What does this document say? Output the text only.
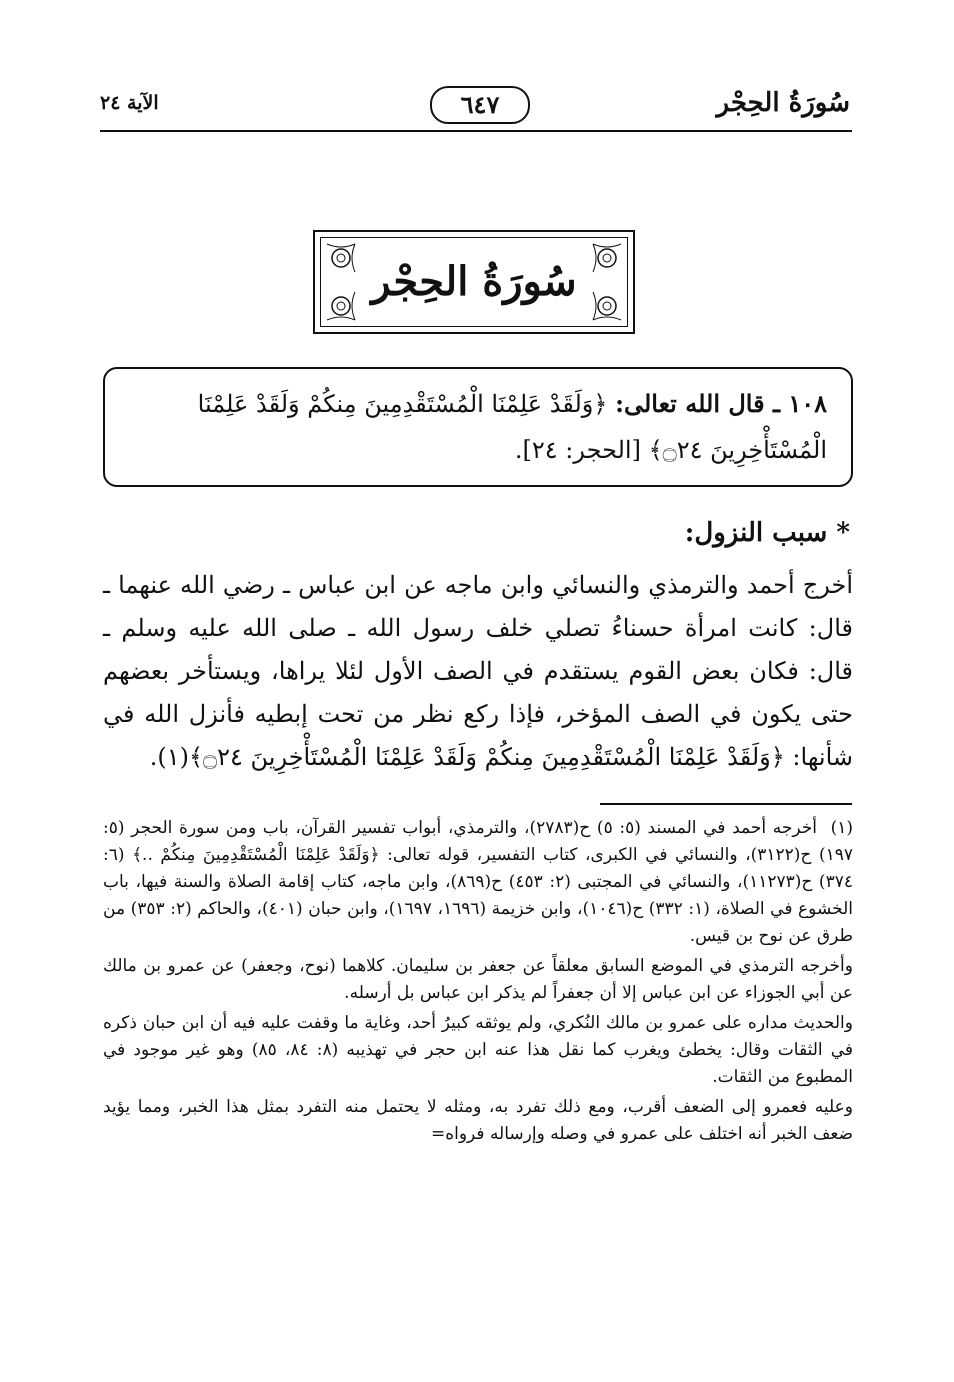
سُورَةُ الحِجْر
٦٤٧
الآية ٢٤
سُورَةُ الحِجْر
١٠٨ ـ قال الله تعالى: ﴿وَلَقَدْ عَلِمْنَا الْمُسْتَقْدِمِينَ مِنكُمْ وَلَقَدْ عَلِمْنَا الْمُسْتَأْخِرِينَ ۝٢٤﴾ [الحجر: ٢٤].
* سبب النزول:
أخرج أحمد والترمذي والنسائي وابن ماجه عن ابن عباس ـ رضي الله عنهما ـ قال: كانت امرأة حسناءُ تصلي خلف رسول الله ـ صلى الله عليه وسلم ـ قال: فكان بعض القوم يستقدم في الصف الأول لئلا يراها، ويستأخر بعضهم حتى يكون في الصف المؤخر، فإذا ركع نظر من تحت إبطيه فأنزل الله في شأنها: ﴿وَلَقَدْ عَلِمْنَا الْمُسْتَقْدِمِينَ مِنكُمْ وَلَقَدْ عَلِمْنَا الْمُسْتَأْخِرِينَ ۝٢٤﴾(١).

(١)أخرجه أحمد في المسند (٥: ٥) ح(٢٧٨٣)، والترمذي، أبواب تفسير القرآن، باب ومن سورة الحجر (٥: ١٩٧) ح(٣١٢٢)، والنسائي في الكبرى، كتاب التفسير، قوله تعالى: ﴿وَلَقَدْ عَلِمْنَا الْمُسْتَقْدِمِينَ مِنكُمْ ..﴾ (٦: ٣٧٤) ح(١١٢٧٣)، والنسائي في المجتبى (٢: ٤٥٣) ح(٨٦٩)، وابن ماجه، كتاب إقامة الصلاة والسنة فيها، باب الخشوع في الصلاة، (١: ٣٣٢) ح(١٠٤٦)، وابن خزيمة (١٦٩٦، ١٦٩٧)، وابن حبان (٤٠١)، والحاكم (٢: ٣٥٣) من طرق عن نوح بن قيس.

وأخرجه الترمذي في الموضع السابق معلقاً عن جعفر بن سليمان. كلاهما (نوح، وجعفر) عن عمرو بن مالك عن أبي الجوزاء عن ابن عباس إلا أن جعفراً لم يذكر ابن عباس بل أرسله.

والحديث مداره على عمرو بن مالك النُكري، ولم يوثقه كبيرُ أحد، وغاية ما وقفت عليه فيه أن ابن حبان ذكره في الثقات وقال: يخطئ ويغرب كما نقل هذا عنه ابن حجر في تهذيبه (٨: ٨٤، ٨٥) وهو غير موجود في المطبوع من الثقات.

وعليه فعمرو إلى الضعف أقرب، ومع ذلك تفرد به، ومثله لا يحتمل منه التفرد بمثل هذا الخبر، ومما يؤيد ضعف الخبر أنه اختلف على عمرو في وصله وإرساله فرواه=
